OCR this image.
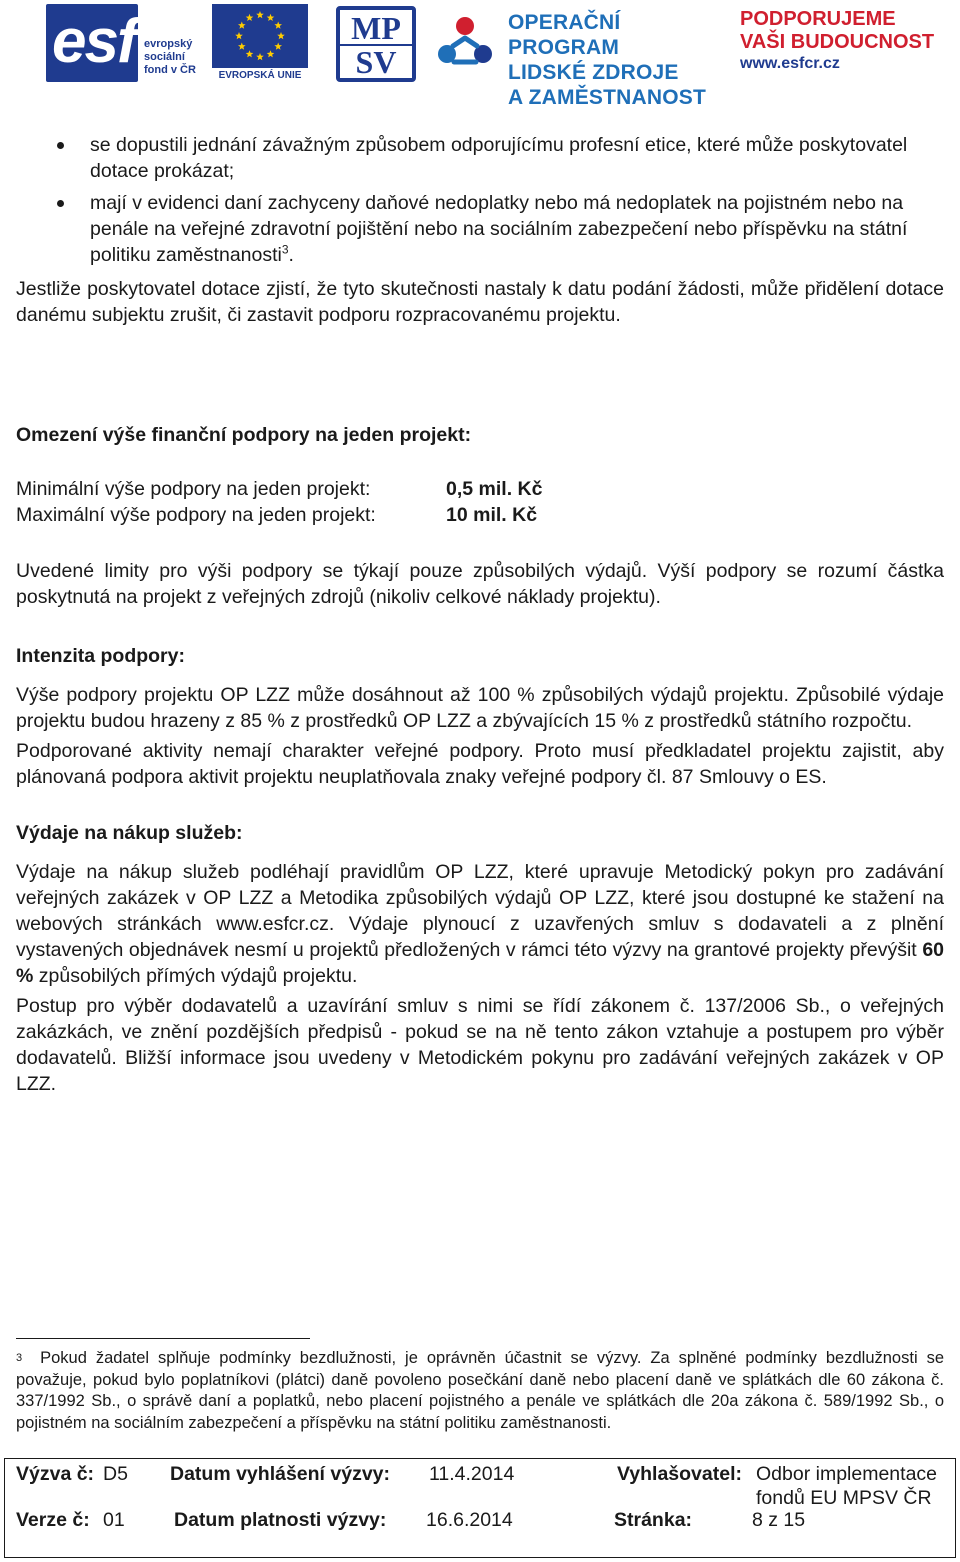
esf evropský
sociální
fond v ČR	EVROPSKÁ UNIE
MP
SV
OPERAČNÍ PROGRAM
LIDSKÉ ZDROJE
A ZAMĚSTNANOST
PODPORUJEME
VAŠI BUDOUCNOST
www.esfcr.cz
se dopustili jednání závažným způsobem odporujícímu profesní etice, které může poskytovatel dotace prokázat;
mají v evidenci daní zachyceny daňové nedoplatky nebo má nedoplatek na pojistném nebo na penále na veřejné zdravotní pojištění nebo na sociálním zabezpečení nebo příspěvku na státní politiku zaměstnanosti$^3$.

Jestliže poskytovatel dotace zjistí, že tyto skutečnosti nastaly k datu podání žádosti, může přidělení dotace danému subjektu zrušit, či zastavit podporu rozpracovanému projektu.

Omezení výše finanční podpory na jeden projekt:

Minimální výše podpory na jeden projekt:	0,5 mil. Kč
Maximální výše podpory na jeden projekt:	10 mil. Kč

Uvedené limity pro výši podpory se týkají pouze způsobilých výdajů. Výší podpory se rozumí částka poskytnutá na projekt z veřejných zdrojů (nikoliv celkové náklady projektu).

Intenzita podpory:

Výše podpory projektu OP LZZ může dosáhnout až 100 % způsobilých výdajů projektu. Způsobilé výdaje projektu budou hrazeny z 85 % z prostředků OP LZZ a zbývajících 15 % z prostředků státního rozpočtu.

Podporované aktivity nemají charakter veřejné podpory. Proto musí předkladatel projektu zajistit, aby plánovaná podpora aktivit projektu neuplatňovala znaky veřejné podpory čl. 87 Smlouvy o ES.

Výdaje na nákup služeb:

Výdaje na nákup služeb podléhají pravidlům OP LZZ, které upravuje Metodický pokyn pro zadávání veřejných zakázek v OP LZZ a Metodika způsobilých výdajů OP LZZ, které jsou dostupné ke stažení na webových stránkách www.esfcr.cz. Výdaje plynoucí z uzavřených smluv s dodavateli a z plnění vystavených objednávek nesmí u projektů předložených v rámci této výzvy na grantové projekty převýšit 60 % způsobilých přímých výdajů projektu.

Postup pro výběr dodavatelů a uzavírání smluv s nimi se řídí zákonem č. 137/2006 Sb., o veřejných zakázkách, ve znění pozdějších předpisů - pokud se na ně tento zákon vztahuje a postupem pro výběr dodavatelů. Bližší informace jsou uvedeny v Metodickém pokynu pro zadávání veřejných zakázek v OP LZZ.

$^3$ Pokud žadatel splňuje podmínky bezdlužnosti, je oprávněn účastnit se výzvy. Za splněné podmínky bezdlužnosti se považuje, pokud bylo poplatníkovi (plátci) daně povoleno posečkání daně nebo placení daně ve splátkách dle 60 zákona č. 337/1992 Sb., o správě daní a poplatků, nebo placení pojistného a penále ve splátkách dle 20a zákona č. 589/1992 Sb., o pojistném na sociálním zabezpečení a příspěvku na státní politiku zaměstnanosti.
Výzva č: D5 Datum vyhlášení výzvy: 11.4.2014	Vyhlašovatel: Odbor implementace
fondů EU MPSV ČR
Verze č: 01	Datum platnosti výzvy: 16.6.2014	Stránka:	8 z 15
